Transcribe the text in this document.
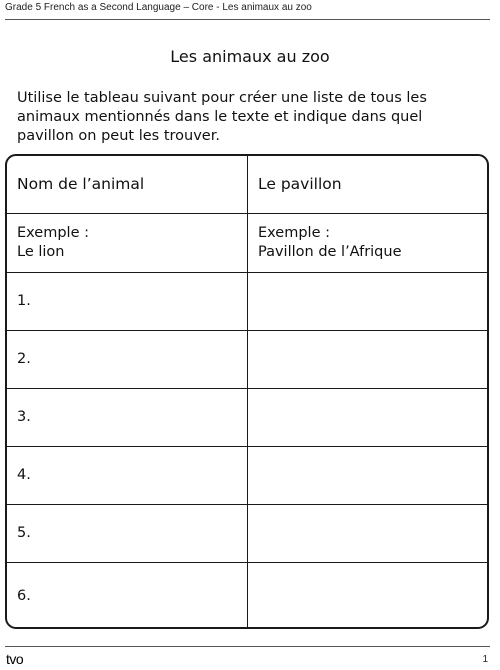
Grade 5 French as a Second Language – Core - Les animaux au zoo
Les animaux au zoo
Utilise le tableau suivant pour créer une liste de tous les animaux mentionnés dans le texte et indique dans quel pavillon on peut les trouver.
Nom de l’animal	Le pavillon
Exemple :
Le lion
Exemple :
Pavillon de l’Afrique
1.
2.
3.
4.
5.
6.
tvo	1
